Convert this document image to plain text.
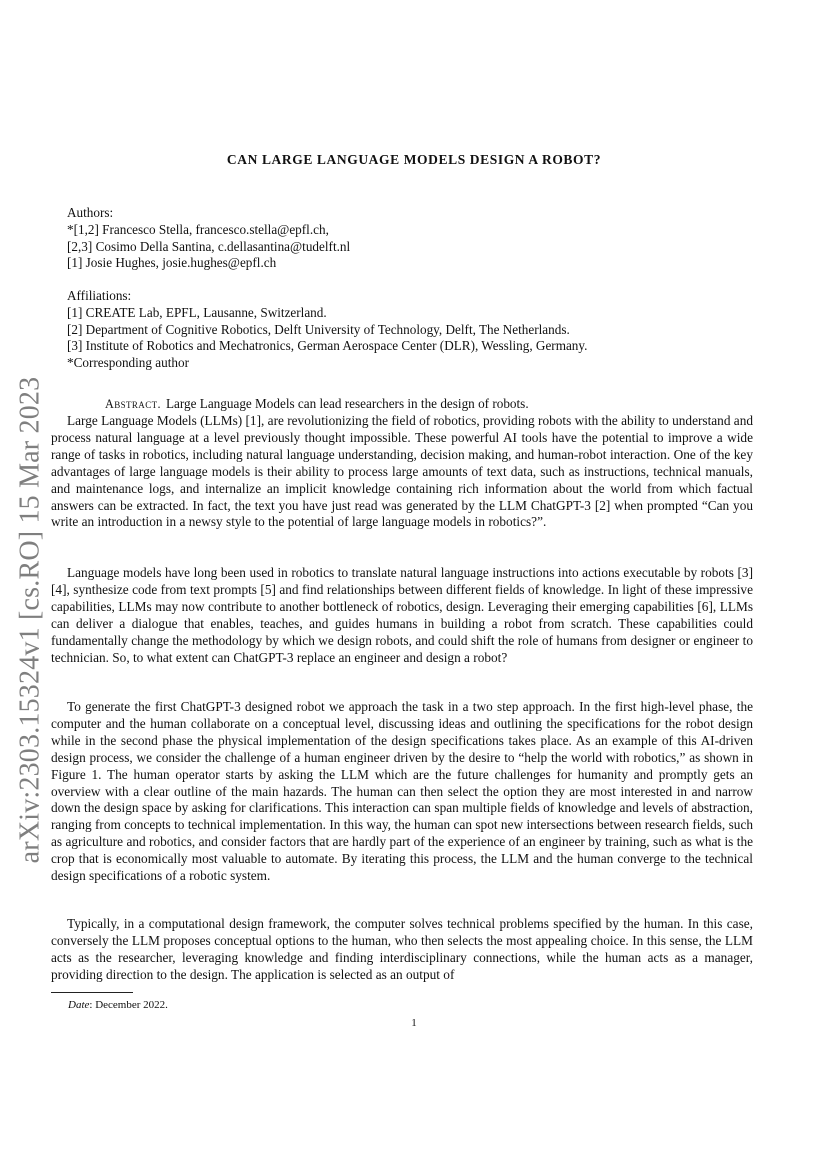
arXiv:2303.15324v1 [cs.RO] 15 Mar 2023
CAN LARGE LANGUAGE MODELS DESIGN A ROBOT?
Authors:
*[1,2] Francesco Stella, francesco.stella@epfl.ch,
[2,3] Cosimo Della Santina, c.dellasantina@tudelft.nl
[1] Josie Hughes, josie.hughes@epfl.ch
Affiliations:
[1] CREATE Lab, EPFL, Lausanne, Switzerland.
[2] Department of Cognitive Robotics, Delft University of Technology, Delft, The Netherlands.
[3] Institute of Robotics and Mechatronics, German Aerospace Center (DLR), Wessling, Germany.
*Corresponding author
Abstract. Large Language Models can lead researchers in the design of robots.

Large Language Models (LLMs) [1], are revolutionizing the field of robotics, providing robots with the ability to understand and process natural language at a level previously thought impossible. These powerful AI tools have the potential to improve a wide range of tasks in robotics, including natural language understanding, decision making, and human-robot interaction. One of the key advantages of large language models is their ability to process large amounts of text data, such as instructions, technical manuals, and maintenance logs, and internalize an implicit knowledge containing rich information about the world from which factual answers can be extracted. In fact, the text you have just read was generated by the LLM ChatGPT-3 [2] when prompted “Can you write an introduction in a newsy style to the potential of large language models in robotics?”.

Language models have long been used in robotics to translate natural language instructions into actions executable by robots [3][4], synthesize code from text prompts [5] and find relationships between different fields of knowledge. In light of these impressive capabilities, LLMs may now contribute to another bottleneck of robotics, design. Leveraging their emerging capabilities [6], LLMs can deliver a dialogue that enables, teaches, and guides humans in building a robot from scratch. These capabilities could fundamentally change the methodology by which we design robots, and could shift the role of humans from designer or engineer to technician. So, to what extent can ChatGPT-3 replace an engineer and design a robot?

To generate the first ChatGPT-3 designed robot we approach the task in a two step approach. In the first high-level phase, the computer and the human collaborate on a conceptual level, discussing ideas and outlining the specifications for the robot design while in the second phase the physical implementation of the design specifications takes place. As an example of this AI-driven design process, we consider the challenge of a human engineer driven by the desire to “help the world with robotics,” as shown in Figure 1. The human operator starts by asking the LLM which are the future challenges for humanity and promptly gets an overview with a clear outline of the main hazards. The human can then select the option they are most interested in and narrow down the design space by asking for clarifications. This interaction can span multiple fields of knowledge and levels of abstraction, ranging from concepts to technical implementation. In this way, the human can spot new intersections between research fields, such as agriculture and robotics, and consider factors that are hardly part of the experience of an engineer by training, such as what is the crop that is economically most valuable to automate. By iterating this process, the LLM and the human converge to the technical design specifications of a robotic system.

Typically, in a computational design framework, the computer solves technical problems specified by the human. In this case, conversely the LLM proposes conceptual options to the human, who then selects the most appealing choice. In this sense, the LLM acts as the researcher, leveraging knowledge and finding interdisciplinary connections, while the human acts as a manager, providing direction to the design. The application is selected as an output of

Date: December 2022.
1
